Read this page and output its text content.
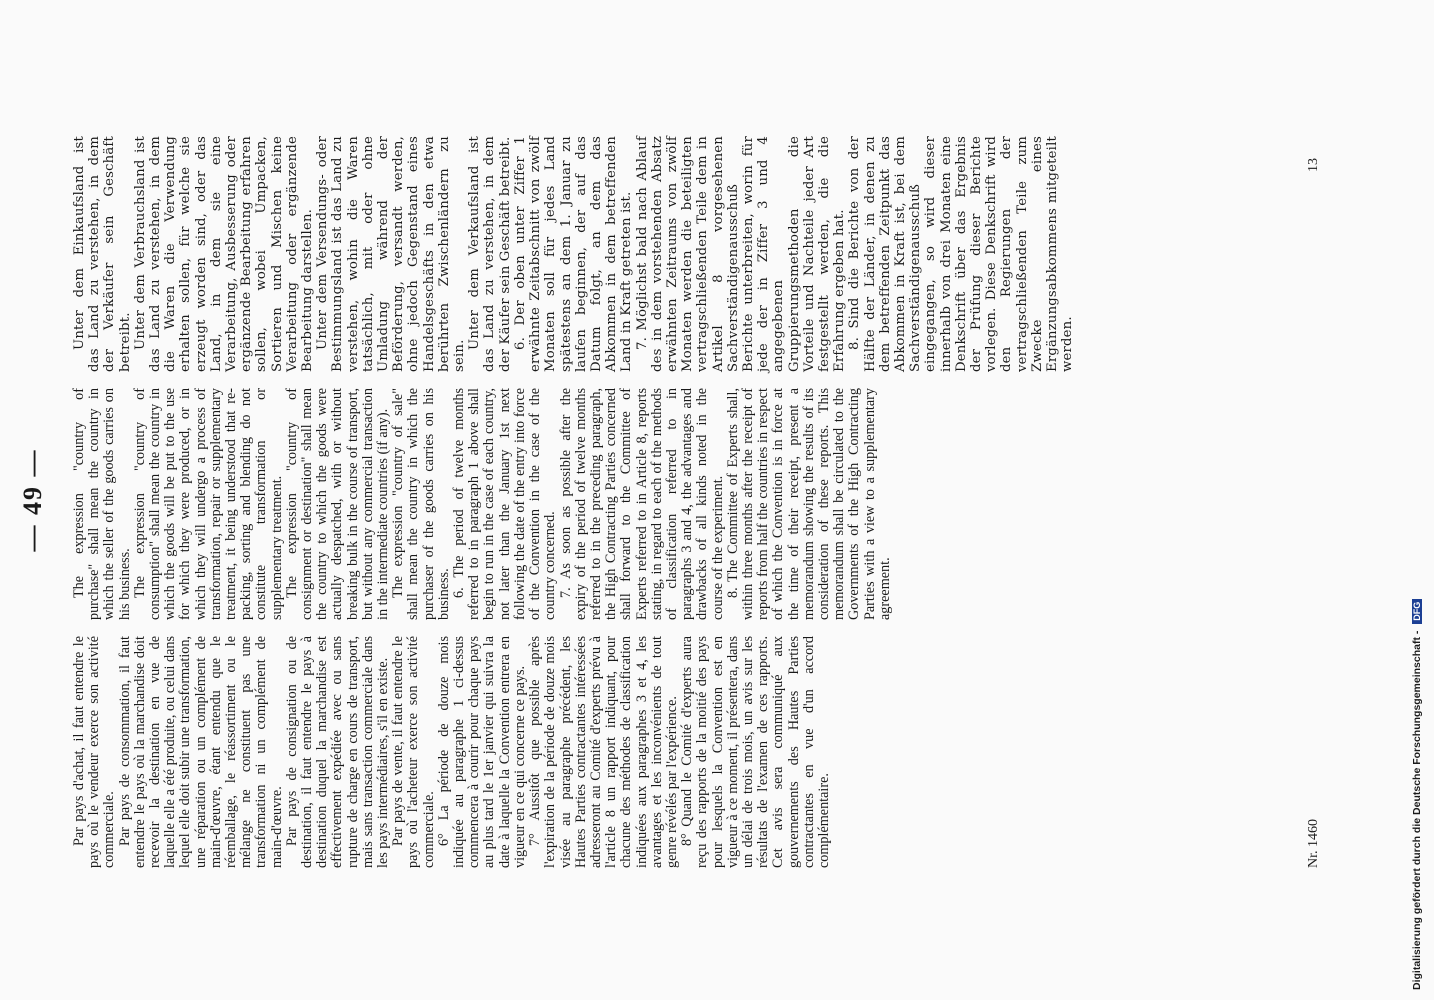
— 49 —

Par pays d'achat, il faut entendre le pays où le vendeur exerce son activité commerciale. Par pays de consommation, il faut entendre le pays où la marchandise doit recevoir la destination en vue de laquelle elle a été produite, ou celui dans lequel elle doit subir une transformation, une réparation ou un complément de main-d'œuvre, étant entendu que le réemballage, le réassortiment ou le mélange ne constituent pas une transformation ni un complément de main-d'œuvre. Par pays de consignation ou de destination, il faut entendre le pays à destination duquel la marchandise est effectivement expédiée avec ou sans rupture de charge en cours de transport, mais sans transaction commerciale dans les pays intermédiaires, s'il en existe. Par pays de vente, il faut entendre le pays où l'acheteur exerce son activité commerciale. 6° La période de douze mois indiquée au paragraphe 1 ci-dessus commencera à courir pour chaque pays au plus tard le 1er janvier qui suivra la date à laquelle la Convention entrera en vigueur en ce qui concerne ce pays. 7° Aussitôt que possible après l'expiration de la période de douze mois visée au paragraphe précédent, les Hautes Parties contractantes intéressées adresseront au Comité d'experts prévu à l'article 8 un rapport indiquant, pour chacune des méthodes de classification indiquées aux paragraphes 3 et 4, les avantages et les inconvénients de tout genre révélés par l'expérience. 8° Quand le Comité d'experts aura reçu des rapports de la moitié des pays pour lesquels la Convention est en vigueur à ce moment, il présentera, dans un délai de trois mois, un avis sur les résultats de l'examen de ces rapports. Cet avis sera communiqué aux gouvernements des Hautes Parties contractantes en vue d'un accord complémentaire.

The expression "country of purchase" shall mean the country in which the seller of the goods carries on his business. The expression "country of consumption" shall mean the country in which the goods will be put to the use for which they were produced, or in which they will undergo a process of transformation, repair or supplementary treatment, it being understood that re-packing, sorting and blending do not constitute transformation or supplementary treatment. The expression "country of consignment or destination" shall mean the country to which the goods were actually despatched, with or without breaking bulk in the course of transport, but without any commercial transaction in the intermediate countries (if any). The expression "country of sale" shall mean the country in which the purchaser of the goods carries on his business. 6. The period of twelve months referred to in paragraph 1 above shall begin to run in the case of each country, not later than the January 1st next following the date of the entry into force of the Convention in the case of the country concerned. 7. As soon as possible after the expiry of the period of twelve months referred to in the preceding paragraph, the High Contracting Parties concerned shall forward to the Committee of Experts referred to in Article 8, reports stating, in regard to each of the methods of classification referred to in paragraphs 3 and 4, the advantages and drawbacks of all kinds noted in the course of the experiment. 8. The Committee of Experts shall, within three months after the receipt of reports from half the countries in respect of which the Convention is in force at the time of their receipt, present a memorandum showing the results of its consideration of these reports. This memorandum shall be circulated to the Governments of the High Contracting Parties with a view to a supplementary agreement.

Unter dem Einkaufsland ist das Land zu verstehen, in dem der Verkäufer sein Geschäft betreibt. Unter dem Verbrauchsland ist das Land zu verstehen, in dem die Waren die Verwendung erhalten sollen, für welche sie erzeugt worden sind, oder das Land, in dem sie eine Verarbeitung, Ausbesserung oder ergänzende Bearbeitung erfahren sollen, wobei Umpacken, Sortieren und Mischen keine Verarbeitung oder ergänzende Bearbeitung darstellen. Unter dem Versendungs- oder Bestimmungsland ist das Land zu verstehen, wohin die Waren tatsächlich, mit oder ohne Umladung während der Beförderung, versandt werden, ohne jedoch Gegenstand eines Handelsgeschäfts in den etwa berührten Zwischenländern zu sein.

Unter dem Verkaufsland ist das Land zu verstehen, in dem der Käufer sein Geschäft betreibt. 6. Der oben unter Ziffer 1 erwähnte Zeitabschnitt von zwölf Monaten soll für jedes Land spätestens an dem 1. Januar zu laufen beginnen, der auf das Datum folgt, an dem das Abkommen in dem betreffenden Land in Kraft getreten ist. 7. Möglichst bald nach Ablauf des in dem vorstehenden Absatz erwähnten Zeitraums von zwölf Monaten werden die beteiligten vertragschließenden Teile dem in Artikel 8 vorgesehenen Sachverständigenausschuß Berichte unterbreiten, worin für jede der in Ziffer 3 und 4 angegebenen Gruppierungsmethoden die Vorteile und Nachteile jeder Art festgestellt werden, die die Erfahrung ergeben hat. 8. Sind die Berichte von der Hälfte der Länder, in denen zu dem betreffenden Zeitpunkt das Abkommen in Kraft ist, bei dem Sachverständigenausschuß eingegangen, so wird dieser innerhalb von drei Monaten eine Denkschrift über das Ergebnis der Prüfung dieser Berichte vorlegen. Diese Denkschrift wird den Regierungen der vertragschließenden Teile zum Zwecke eines Ergänzungsabkommens mitgeteilt werden.

Nr. 1460
13
Digitalisierung gefördert durch die Deutsche Forschungsgemeinschaft - DFG
